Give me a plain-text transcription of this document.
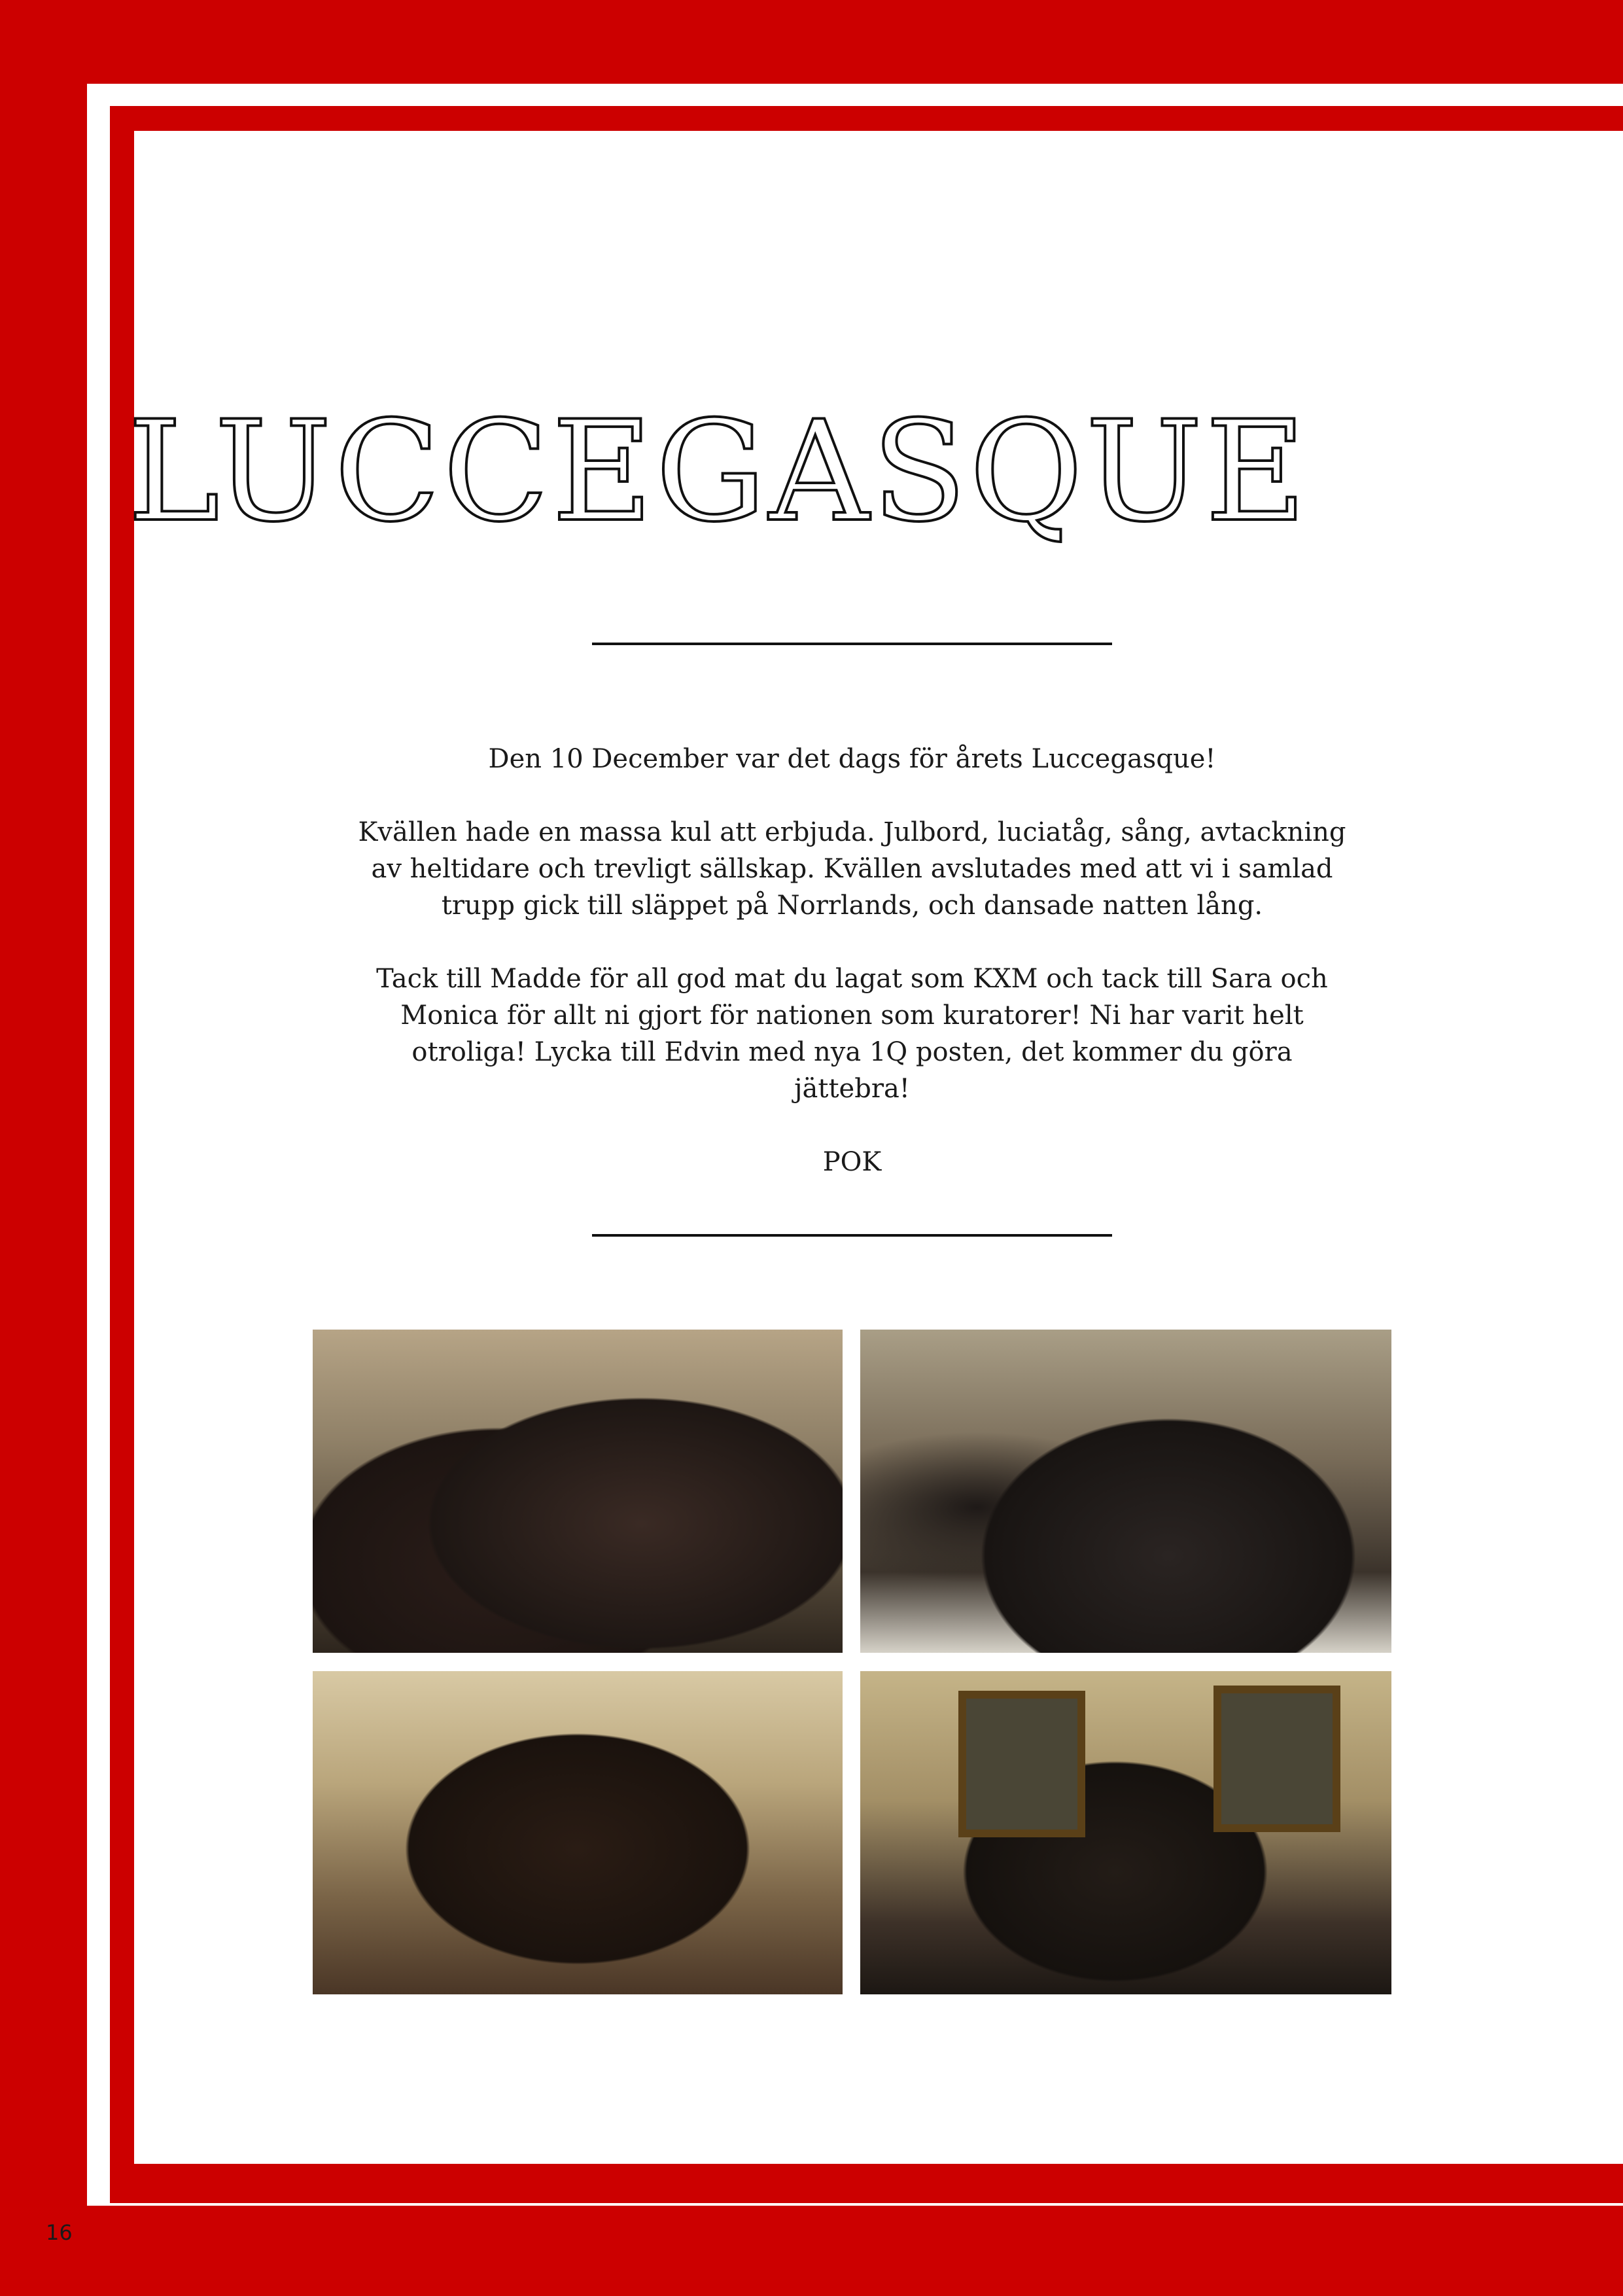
LUCCEGASQUE

Den 10 December var det dags för årets Luccegasque!

Kvällen hade en massa kul att erbjuda. Julbord, luciatåg, sång, avtackning av heltidare och trevligt sällskap. Kvällen avslutades med att vi i samlad trupp gick till släppet på Norrlands, och dansade natten lång.

Tack till Madde för all god mat du lagat som KXM och tack till Sara och Monica för allt ni gjort för nationen som kuratorer! Ni har varit helt otroliga! Lycka till Edvin med nya 1Q posten, det kommer du göra jättebra!

POK

16
